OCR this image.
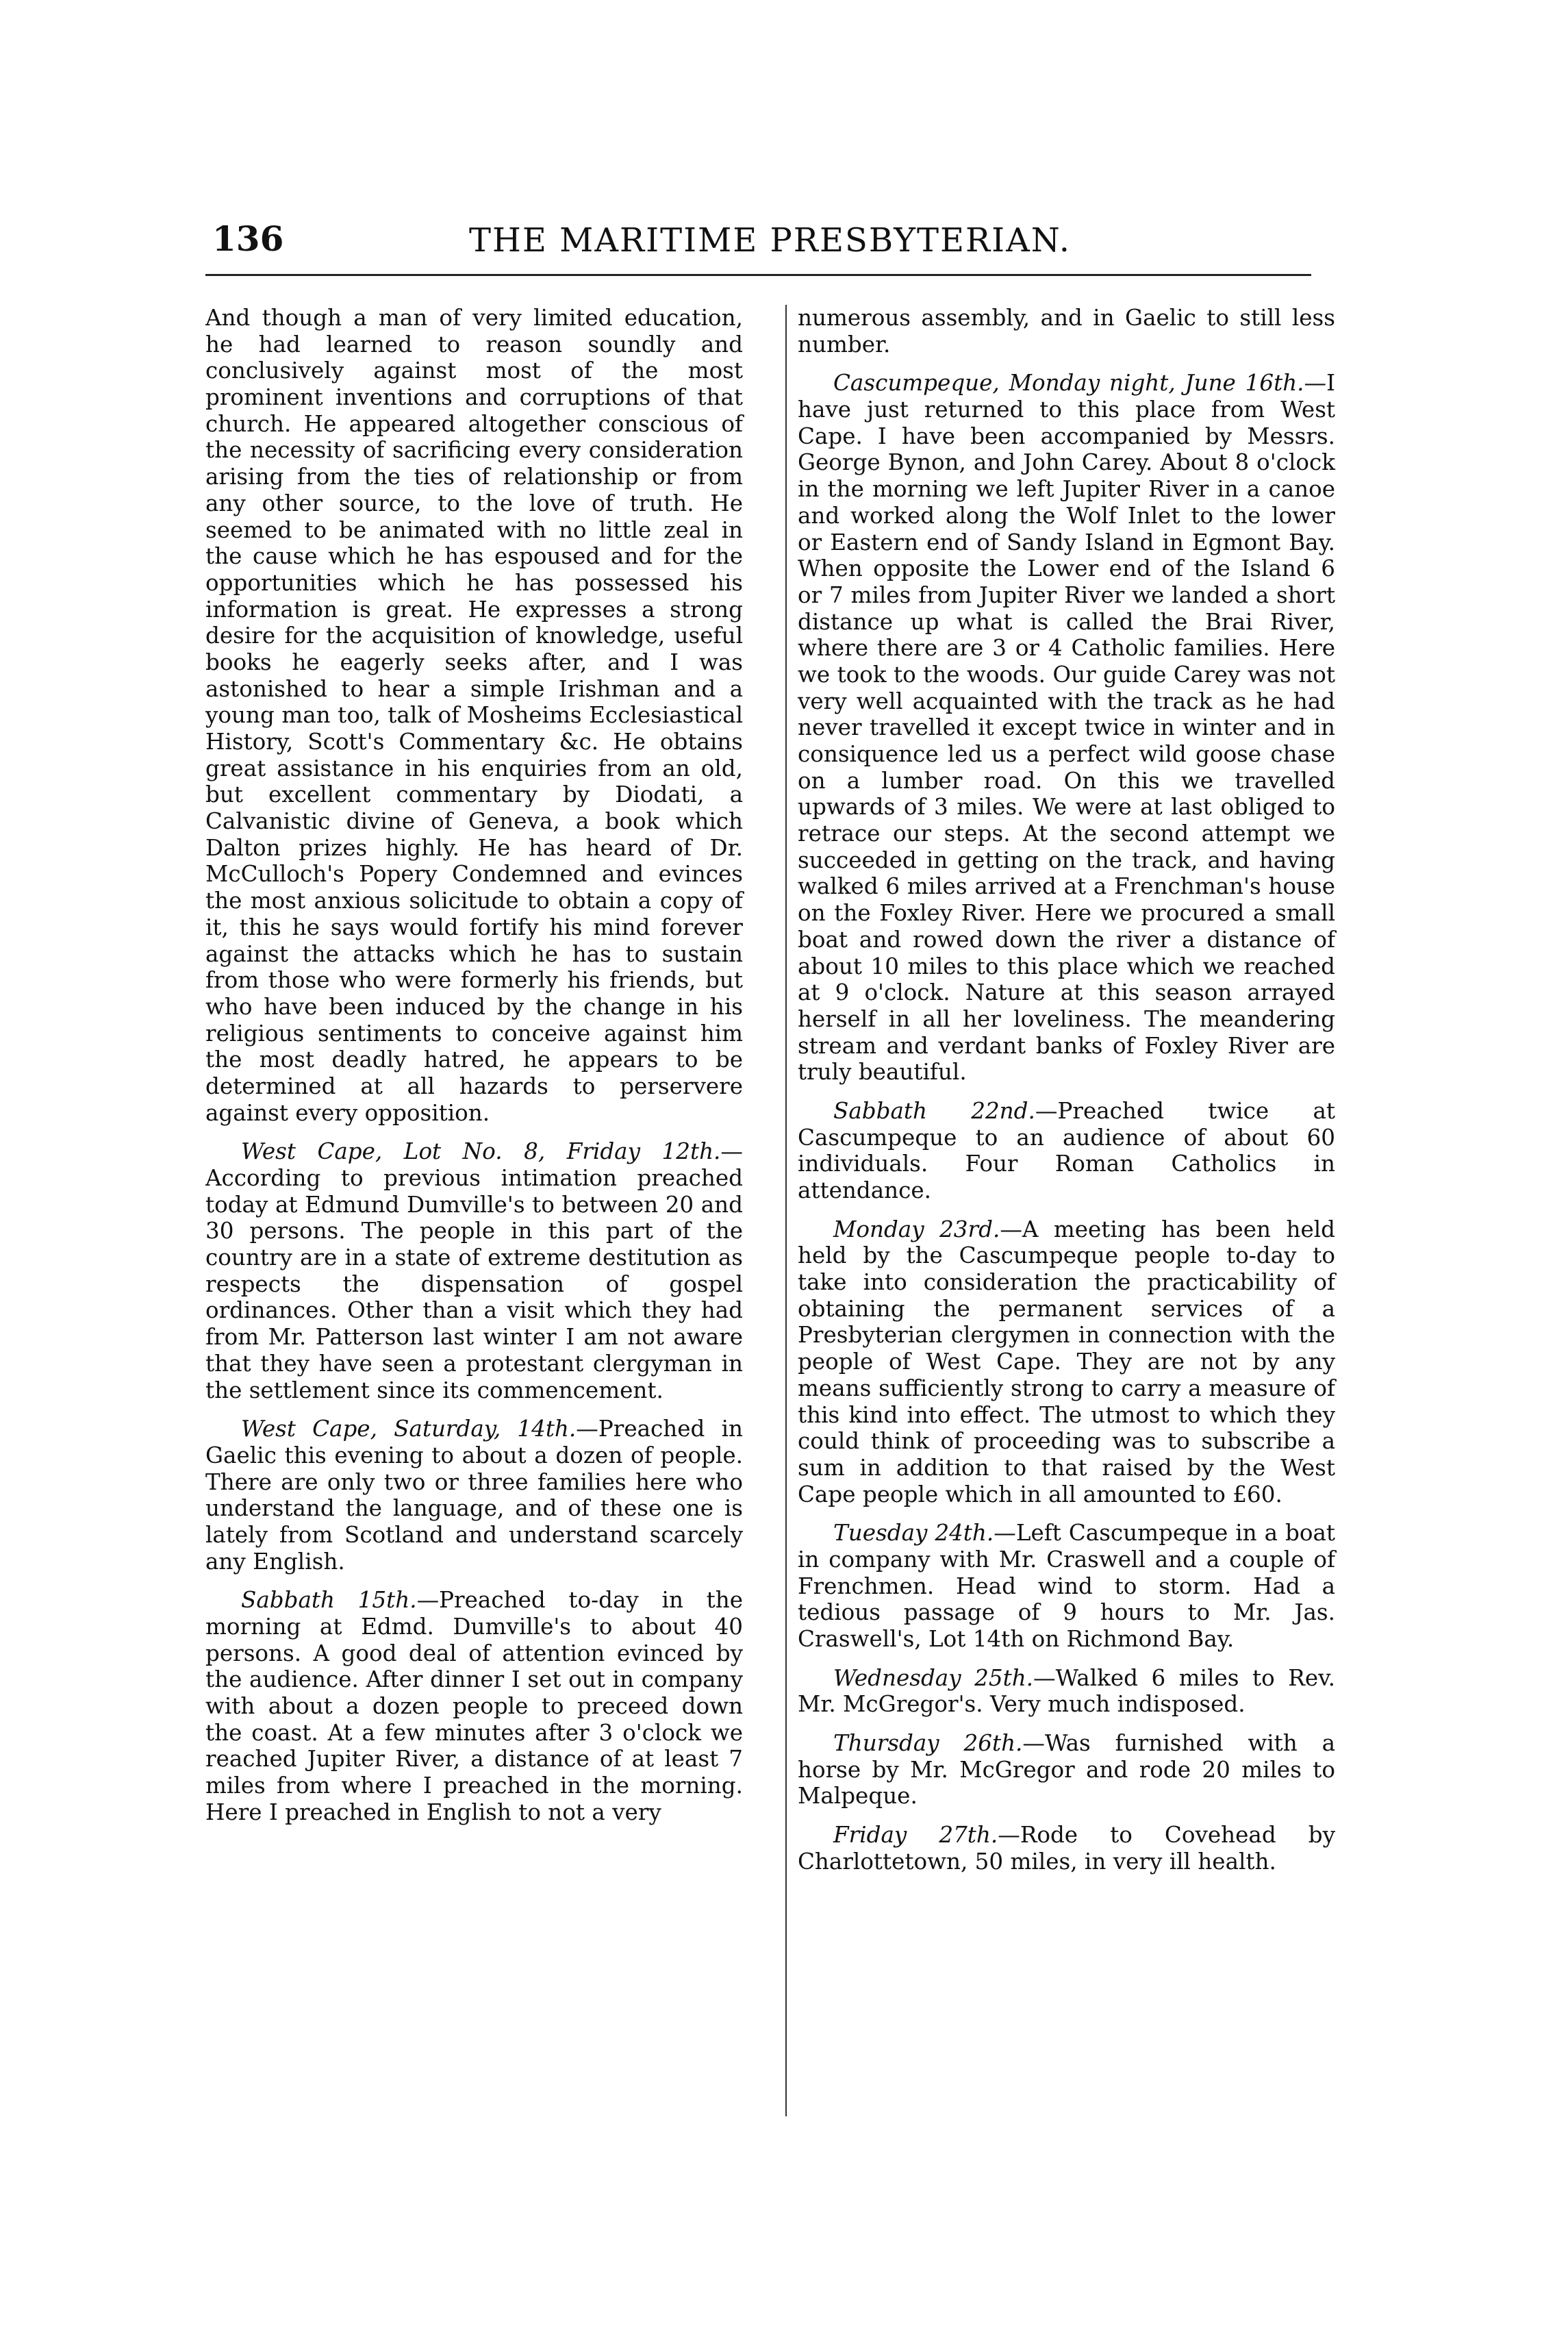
136	THE MARITIME PRESBYTERIAN.

And though a man of very limited education, he had learned to reason soundly and conclusively against most of the most prominent inventions and corruptions of that church. He appeared altogether conscious of the necessity of sacrificing every consideration arising from the ties of relationship or from any other source, to the love of truth. He seemed to be animated with no little zeal in the cause which he has espoused and for the opportunities which he has possessed his information is great. He expresses a strong desire for the acquisition of knowledge, useful books he eagerly seeks after, and I was astonished to hear a simple Irishman and a young man too, talk of Mosheims Ecclesiastical History, Scott's Commentary &c. He obtains great assistance in his enquiries from an old, but excellent commentary by Diodati, a Calvanistic divine of Geneva, a book which Dalton prizes highly. He has heard of Dr. McCulloch's Popery Condemned and evinces the most anxious solicitude to obtain a copy of it, this he says would fortify his mind forever against the attacks which he has to sustain from those who were formerly his friends, but who have been induced by the change in his religious sentiments to conceive against him the most deadly hatred, he appears to be determined at all hazards to perservere against every opposition.

West Cape, Lot No. 8, Friday 12th.— According to previous intimation preached today at Edmund Dumville's to between 20 and 30 persons. The people in this part of the country are in a state of extreme destitution as respects the dispensation of gospel ordinances. Other than a visit which they had from Mr. Patterson last winter I am not aware that they have seen a protestant clergyman in the settlement since its commencement.

West Cape, Saturday, 14th.—Preached in Gaelic this evening to about a dozen of people. There are only two or three families here who understand the language, and of these one is lately from Scotland and understand scarcely any English.

Sabbath 15th.—Preached to-day in the morning at Edmd. Dumville's to about 40 persons. A good deal of attention evinced by the audience. After dinner I set out in company with about a dozen people to preceed down the coast. At a few minutes after 3 o'clock we reached Jupiter River, a distance of at least 7 miles from where I preached in the morning. Here I preached in English to not a very

numerous assembly, and in Gaelic to still less number.

Cascumpeque, Monday night, June 16th.—I have just returned to this place from West Cape. I have been accompanied by Messrs. George Bynon, and John Carey. About 8 o'clock in the morning we left Jupiter River in a canoe and worked along the Wolf Inlet to the lower or Eastern end of Sandy Island in Egmont Bay. When opposite the Lower end of the Island 6 or 7 miles from Jupiter River we landed a short distance up what is called the Brai River, where there are 3 or 4 Catholic families. Here we took to the woods. Our guide Carey was not very well acquainted with the track as he had never travelled it except twice in winter and in consiquence led us a perfect wild goose chase on a lumber road. On this we travelled upwards of 3 miles. We were at last obliged to retrace our steps. At the second attempt we succeeded in getting on the track, and having walked 6 miles arrived at a Frenchman's house on the Foxley River. Here we procured a small boat and rowed down the river a distance of about 10 miles to this place which we reached at 9 o'clock. Nature at this season arrayed herself in all her loveliness. The meandering stream and verdant banks of Foxley River are truly beautiful.

Sabbath 22nd.—Preached twice at Cascumpeque to an audience of about 60 individuals. Four Roman Catholics in attendance.

Monday 23rd.—A meeting has been held held by the Cascumpeque people to-day to take into consideration the practicability of obtaining the permanent services of a Presbyterian clergymen in connection with the people of West Cape. They are not by any means sufficiently strong to carry a measure of this kind into effect. The utmost to which they could think of proceeding was to subscribe a sum in addition to that raised by the West Cape people which in all amounted to £60.

Tuesday 24th.—Left Cascumpeque in a boat in company with Mr. Craswell and a couple of Frenchmen. Head wind to storm. Had a tedious passage of 9 hours to Mr. Jas. Craswell's, Lot 14th on Richmond Bay.

Wednesday 25th.—Walked 6 miles to Rev. Mr. McGregor's. Very much indisposed.

Thursday 26th.—Was furnished with a horse by Mr. McGregor and rode 20 miles to Malpeque.

Friday 27th.—Rode to Covehead by Charlottetown, 50 miles, in very ill health.
